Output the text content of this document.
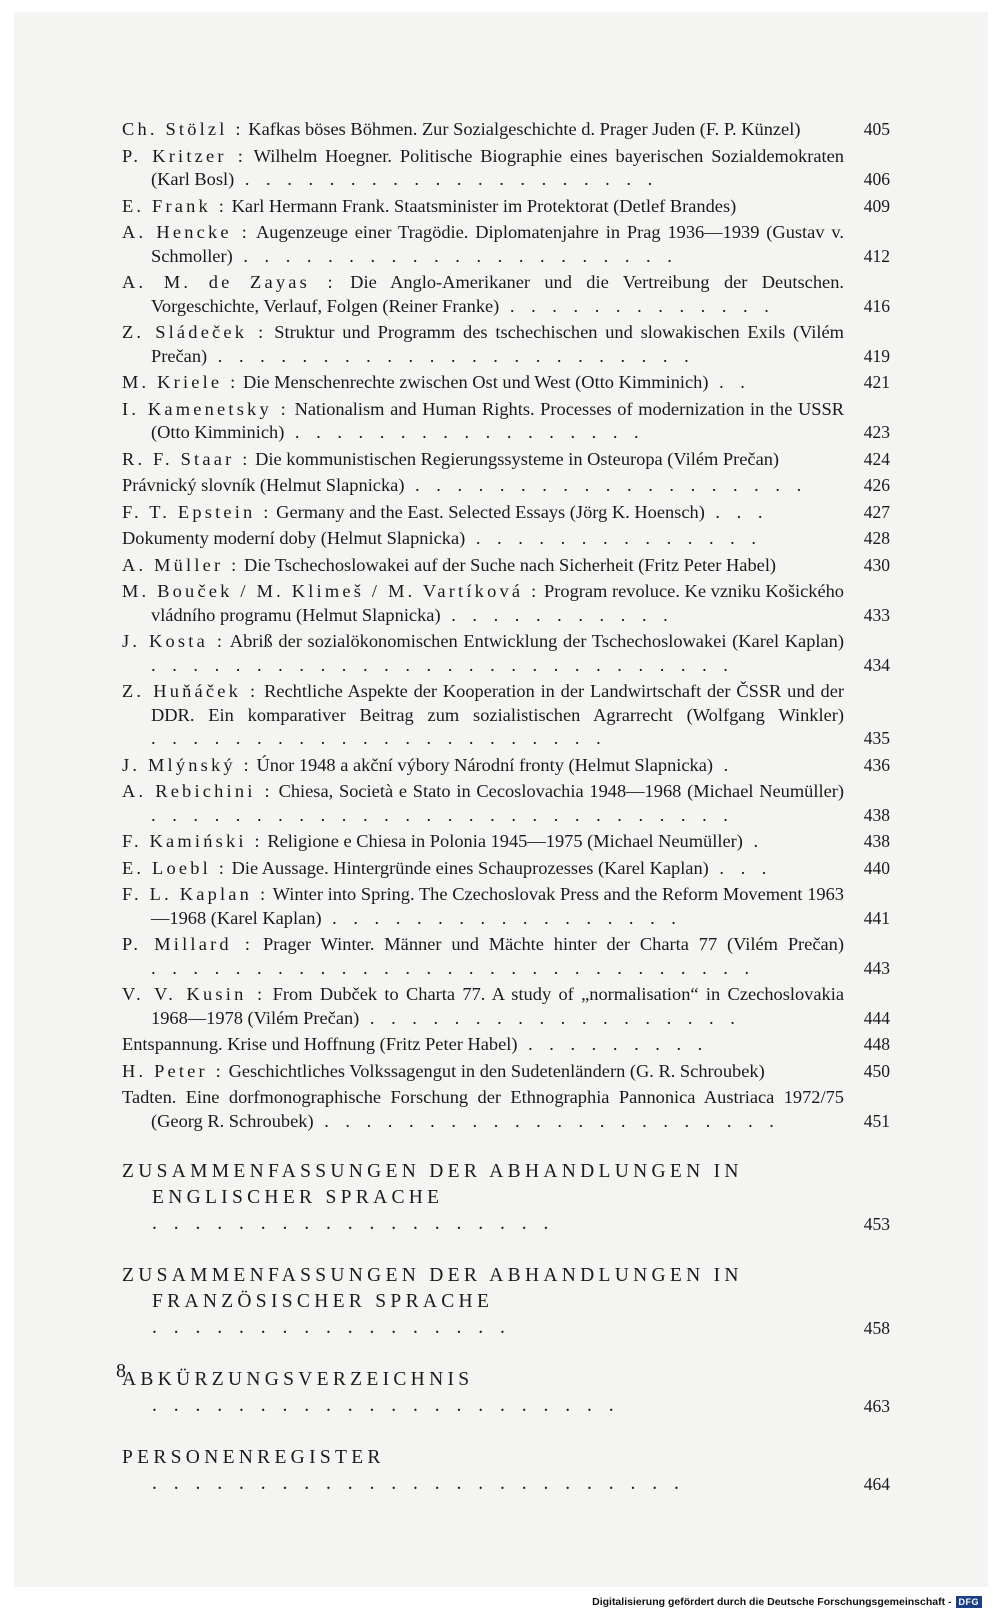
Ch. Stölzl : Kafkas böses Böhmen. Zur Sozialgeschichte d. Prager Juden (F. P. Künzel)	405
P. Kritzer : Wilhelm Hoegner. Politische Biographie eines bayerischen Sozialdemokraten (Karl Bosl) . . . . . . . . . . . . . . . . . . . .	406
E. Frank : Karl Hermann Frank. Staatsminister im Protektorat (Detlef Brandes)	409
A. Hencke : Augenzeuge einer Tragödie. Diplomatenjahre in Prag 1936—1939 (Gustav v. Schmoller) . . . . . . . . . . . . . . . . . . . . .	412
A. M. de Zayas : Die Anglo-Amerikaner und die Vertreibung der Deutschen. Vorgeschichte, Verlauf, Folgen (Reiner Franke) . . . . . . . . . . . . .	416
Z. Sládeček : Struktur und Programm des tschechischen und slowakischen Exils (Vilém Prečan) . . . . . . . . . . . . . . . . . . . . . . .	419
M. Kriele : Die Menschenrechte zwischen Ost und West (Otto Kimminich) . .	421
I. Kamenetsky : Nationalism and Human Rights. Processes of modernization in the USSR (Otto Kimminich) . . . . . . . . . . . . . . . . .	423
R. F. Staar : Die kommunistischen Regierungssysteme in Osteuropa (Vilém Prečan)	424
Právnický slovník (Helmut Slapnicka) . . . . . . . . . . . . . . . . . . .	426
F. T. Epstein : Germany and the East. Selected Essays (Jörg K. Hoensch) . . .	427
Dokumenty moderní doby (Helmut Slapnicka) . . . . . . . . . . . . . .	428
A. Müller : Die Tschechoslowakei auf der Suche nach Sicherheit (Fritz Peter Habel)	430
M. Bouček / M. Klimeš / M. Vartíková : Program revoluce. Ke vzniku Košického vládního programu (Helmut Slapnicka) . . . . . . . . . . .	433
J. Kosta : Abriß der sozialökonomischen Entwicklung der Tschechoslowakei (Karel Kaplan) . . . . . . . . . . . . . . . . . . . . . . . . . . . .	434
Z. Huňáček : Rechtliche Aspekte der Kooperation in der Landwirtschaft der ČSSR und der DDR. Ein komparativer Beitrag zum sozialistischen Agrarrecht (Wolfgang Winkler) . . . . . . . . . . . . . . . . . . . . . .	435
J. Mlýnský : Únor 1948 a akční výbory Národní fronty (Helmut Slapnicka) .	436
A. Rebichini : Chiesa, Società e Stato in Cecoslovachia 1948—1968 (Michael Neumüller) . . . . . . . . . . . . . . . . . . . . . . . . . . . .	438
F. Kamiński : Religione e Chiesa in Polonia 1945—1975 (Michael Neumüller) .	438
E. Loebl : Die Aussage. Hintergründe eines Schauprozesses (Karel Kaplan) . . .	440
F. L. Kaplan : Winter into Spring. The Czechoslovak Press and the Reform Movement 1963—1968 (Karel Kaplan) . . . . . . . . . . . . . . . . .	441
P. Millard : Prager Winter. Männer und Mächte hinter der Charta 77 (Vilém Prečan) . . . . . . . . . . . . . . . . . . . . . . . . . . . . .	443
V. V. Kusin : From Dubček to Charta 77. A study of „normalisation“ in Czechoslovakia 1968—1978 (Vilém Prečan) . . . . . . . . . . . . . . . . . .	444
Entspannung. Krise und Hoffnung (Fritz Peter Habel) . . . . . . . . .	448
H. Peter : Geschichtliches Volkssagengut in den Sudetenländern (G. R. Schroubek)	450
Tadten. Eine dorfmonographische Forschung der Ethnographia Pannonica Austriaca 1972/75 (Georg R. Schroubek) . . . . . . . . . . . . . . . . . . . . . .	451
ZUSAMMENFASSUNGEN DER ABHANDLUNGEN IN ENGLISCHER SPRACHE . . . . . . . . . . . . . . . . . . .	453
ZUSAMMENFASSUNGEN DER ABHANDLUNGEN IN FRANZÖSISCHER SPRACHE . . . . . . . . . . . . . . . . .	458
ABKÜRZUNGSVERZEICHNIS . . . . . . . . . . . . . . . . . . . . . .	463
PERSONENREGISTER . . . . . . . . . . . . . . . . . . . . . . . . .	464
8
Digitalisierung gefördert durch die Deutsche Forschungsgemeinschaft - DFG
